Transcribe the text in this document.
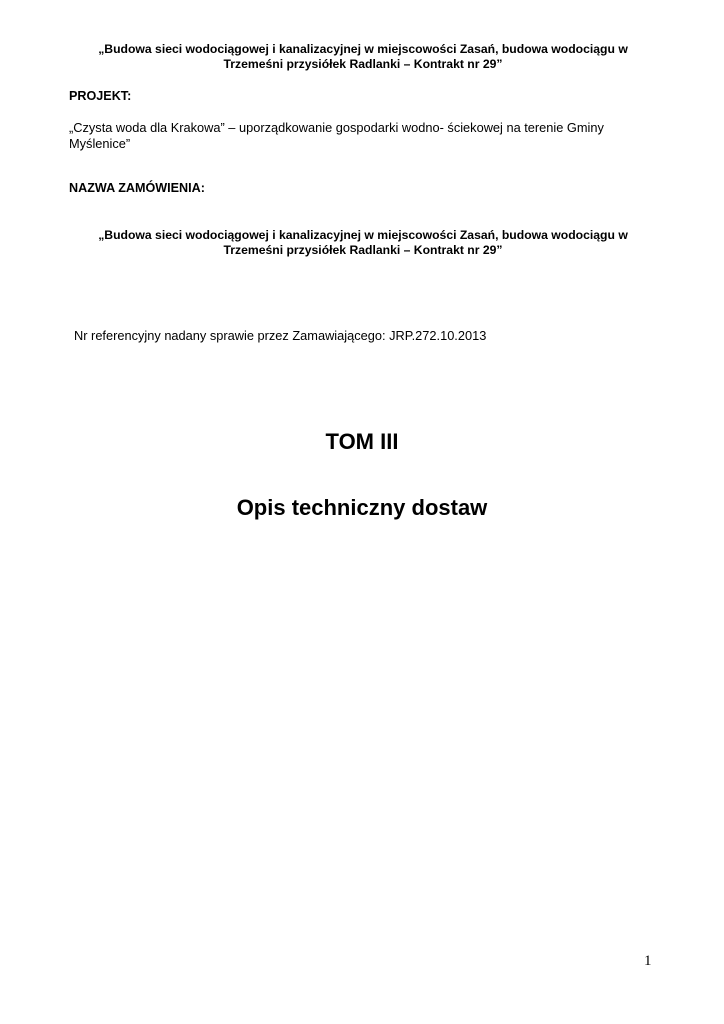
„Budowa sieci wodociągowej i kanalizacyjnej w miejscowości Zasań, budowa wodociągu w
Trzemeśni przysiółek Radlanki – Kontrakt nr 29”
PROJEKT:
„Czysta woda dla Krakowa” – uporządkowanie gospodarki wodno- ściekowej na terenie Gminy
Myślenice”
NAZWA ZAMÓWIENIA:
„Budowa sieci wodociągowej i kanalizacyjnej w miejscowości Zasań, budowa wodociągu w
Trzemeśni przysiółek Radlanki – Kontrakt nr 29”
Nr referencyjny nadany sprawie przez Zamawiającego: JRP.272.10.2013
TOM III
Opis techniczny dostaw
1
